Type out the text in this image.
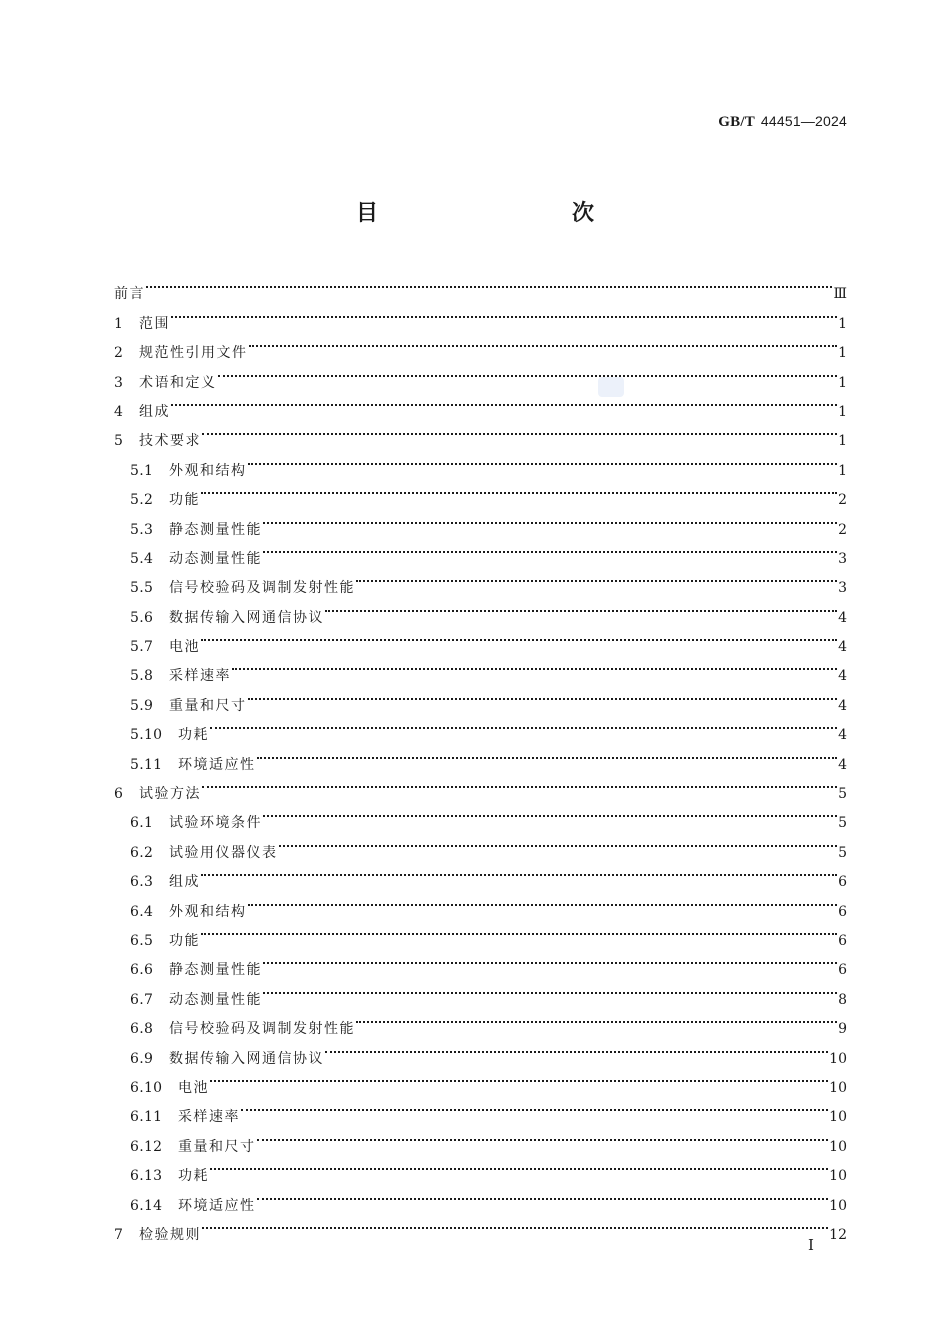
GB/T 44451—2024
目　　次
前言	Ⅲ
1	范围	1
2	规范性引用文件	1
3	术语和定义	1
4	组成	1
5	技术要求	1
5.1	外观和结构	1
5.2	功能	2
5.3	静态测量性能	2
5.4	动态测量性能	3
5.5	信号校验码及调制发射性能	3
5.6	数据传输入网通信协议	4
5.7	电池	4
5.8	采样速率	4
5.9	重量和尺寸	4
5.10	功耗	4
5.11	环境适应性	4
6	试验方法	5
6.1	试验环境条件	5
6.2	试验用仪器仪表	5
6.3	组成	6
6.4	外观和结构	6
6.5	功能	6
6.6	静态测量性能	6
6.7	动态测量性能	8
6.8	信号校验码及调制发射性能	9
6.9	数据传输入网通信协议	10
6.10	电池	10
6.11	采样速率	10
6.12	重量和尺寸	10
6.13	功耗	10
6.14	环境适应性	10
7	检验规则	12
I
